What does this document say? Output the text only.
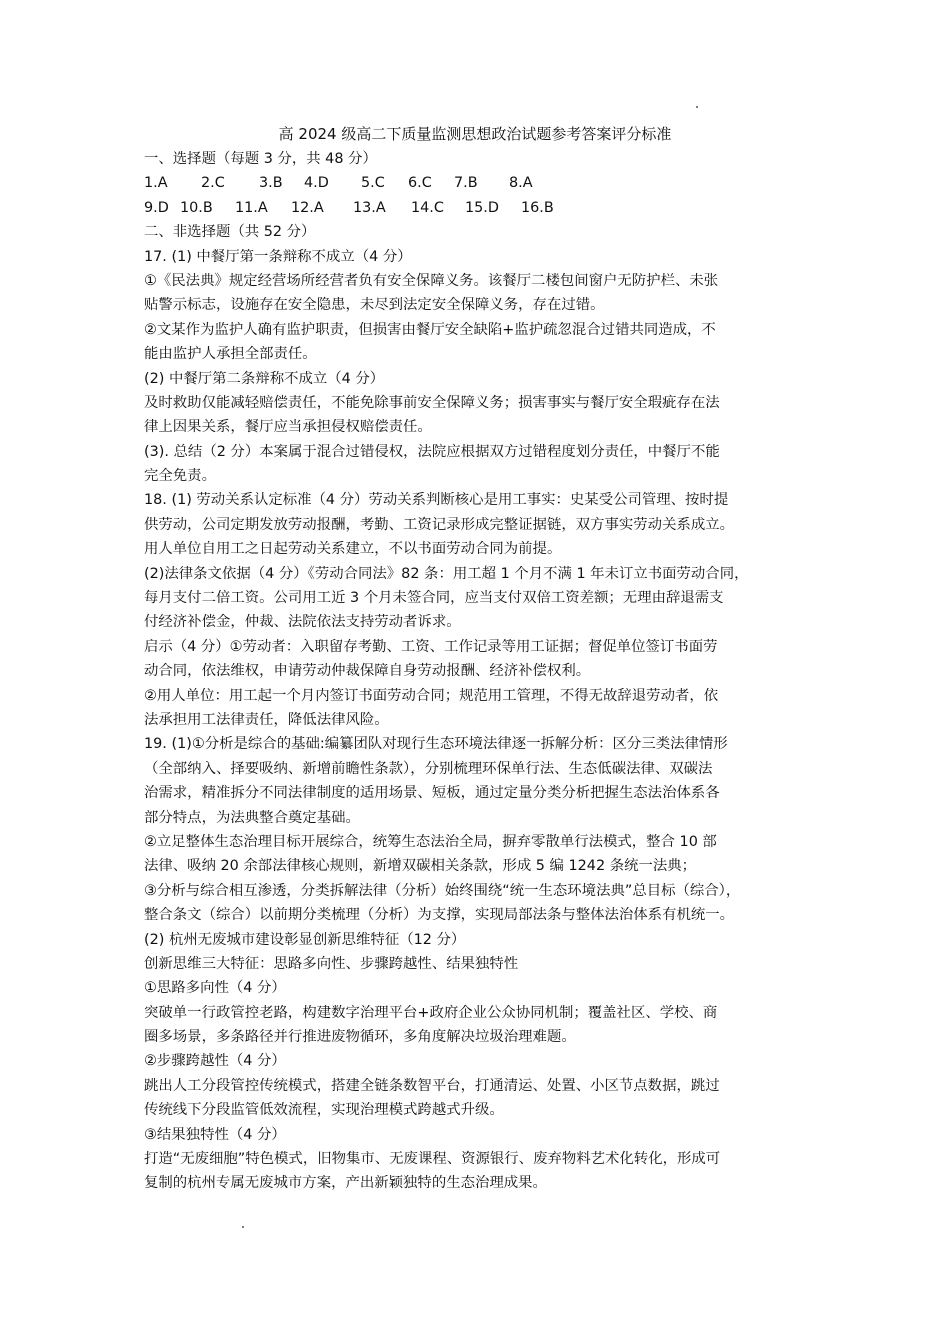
高 2024 级高二下质量监测思想政治试题参考答案评分标准
一、选择题（每题 3 分，共 48 分）
1.A	2.C	3.B	4.D	5.C	6.C	7.B	8.A
9.D 10.B	11.A	12.A	13.A	14.C	15.D	16.B
二、非选择题（共 52 分）
17. (1) 中餐厅第一条辩称不成立（4 分）
①《民法典》规定经营场所经营者负有安全保障义务。该餐厅二楼包间窗户无防护栏、未张
贴警示标志，设施存在安全隐患，未尽到法定安全保障义务，存在过错。
②文某作为监护人确有监护职责，但损害由餐厅安全缺陷+监护疏忽混合过错共同造成，不
能由监护人承担全部责任。
(2) 中餐厅第二条辩称不成立（4 分）
及时救助仅能减轻赔偿责任，不能免除事前安全保障义务；损害事实与餐厅安全瑕疵存在法
律上因果关系，餐厅应当承担侵权赔偿责任。
(3). 总结（2 分）本案属于混合过错侵权，法院应根据双方过错程度划分责任，中餐厅不能
完全免责。
18. (1) 劳动关系认定标准（4 分）劳动关系判断核心是用工事实：史某受公司管理、按时提
供劳动，公司定期发放劳动报酬，考勤、工资记录形成完整证据链，双方事实劳动关系成立。
用人单位自用工之日起劳动关系建立，不以书面劳动合同为前提。
(2)法律条文依据（4 分）《劳动合同法》82 条：用工超 1 个月不满 1 年未订立书面劳动合同，
每月支付二倍工资。公司用工近 3 个月未签合同，应当支付双倍工资差额；无理由辞退需支
付经济补偿金，仲裁、法院依法支持劳动者诉求。
启示（4 分）①劳动者：入职留存考勤、工资、工作记录等用工证据；督促单位签订书面劳
动合同，依法维权，申请劳动仲裁保障自身劳动报酬、经济补偿权利。
②用人单位：用工起一个月内签订书面劳动合同；规范用工管理，不得无故辞退劳动者，依
法承担用工法律责任，降低法律风险。
19. (1)①分析是综合的基础:编纂团队对现行生态环境法律逐一拆解分析：区分三类法律情形
（全部纳入、择要吸纳、新增前瞻性条款），分别梳理环保单行法、生态低碳法律、双碳法
治需求，精准拆分不同法律制度的适用场景、短板，通过定量分类分析把握生态法治体系各
部分特点，为法典整合奠定基础。
②立足整体生态治理目标开展综合，统筹生态法治全局，摒弃零散单行法模式，整合 10 部
法律、吸纳 20 余部法律核心规则，新增双碳相关条款，形成 5 编 1242 条统一法典；
③分析与综合相互渗透，分类拆解法律（分析）始终围绕“统一生态环境法典”总目标（综合），
整合条文（综合）以前期分类梳理（分析）为支撑，实现局部法条与整体法治体系有机统一。
(2) 杭州无废城市建设彰显创新思维特征（12 分）
创新思维三大特征：思路多向性、步骤跨越性、结果独特性
①思路多向性（4 分）
突破单一行政管控老路，构建数字治理平台+政府企业公众协同机制；覆盖社区、学校、商
圈多场景，多条路径并行推进废物循环，多角度解决垃圾治理难题。
②步骤跨越性（4 分）
跳出人工分段管控传统模式，搭建全链条数智平台，打通清运、处置、小区节点数据，跳过
传统线下分段监管低效流程，实现治理模式跨越式升级。
③结果独特性（4 分）
打造“无废细胞”特色模式，旧物集市、无废课程、资源银行、废弃物料艺术化转化，形成可
复制的杭州专属无废城市方案，产出新颖独特的生态治理成果。
